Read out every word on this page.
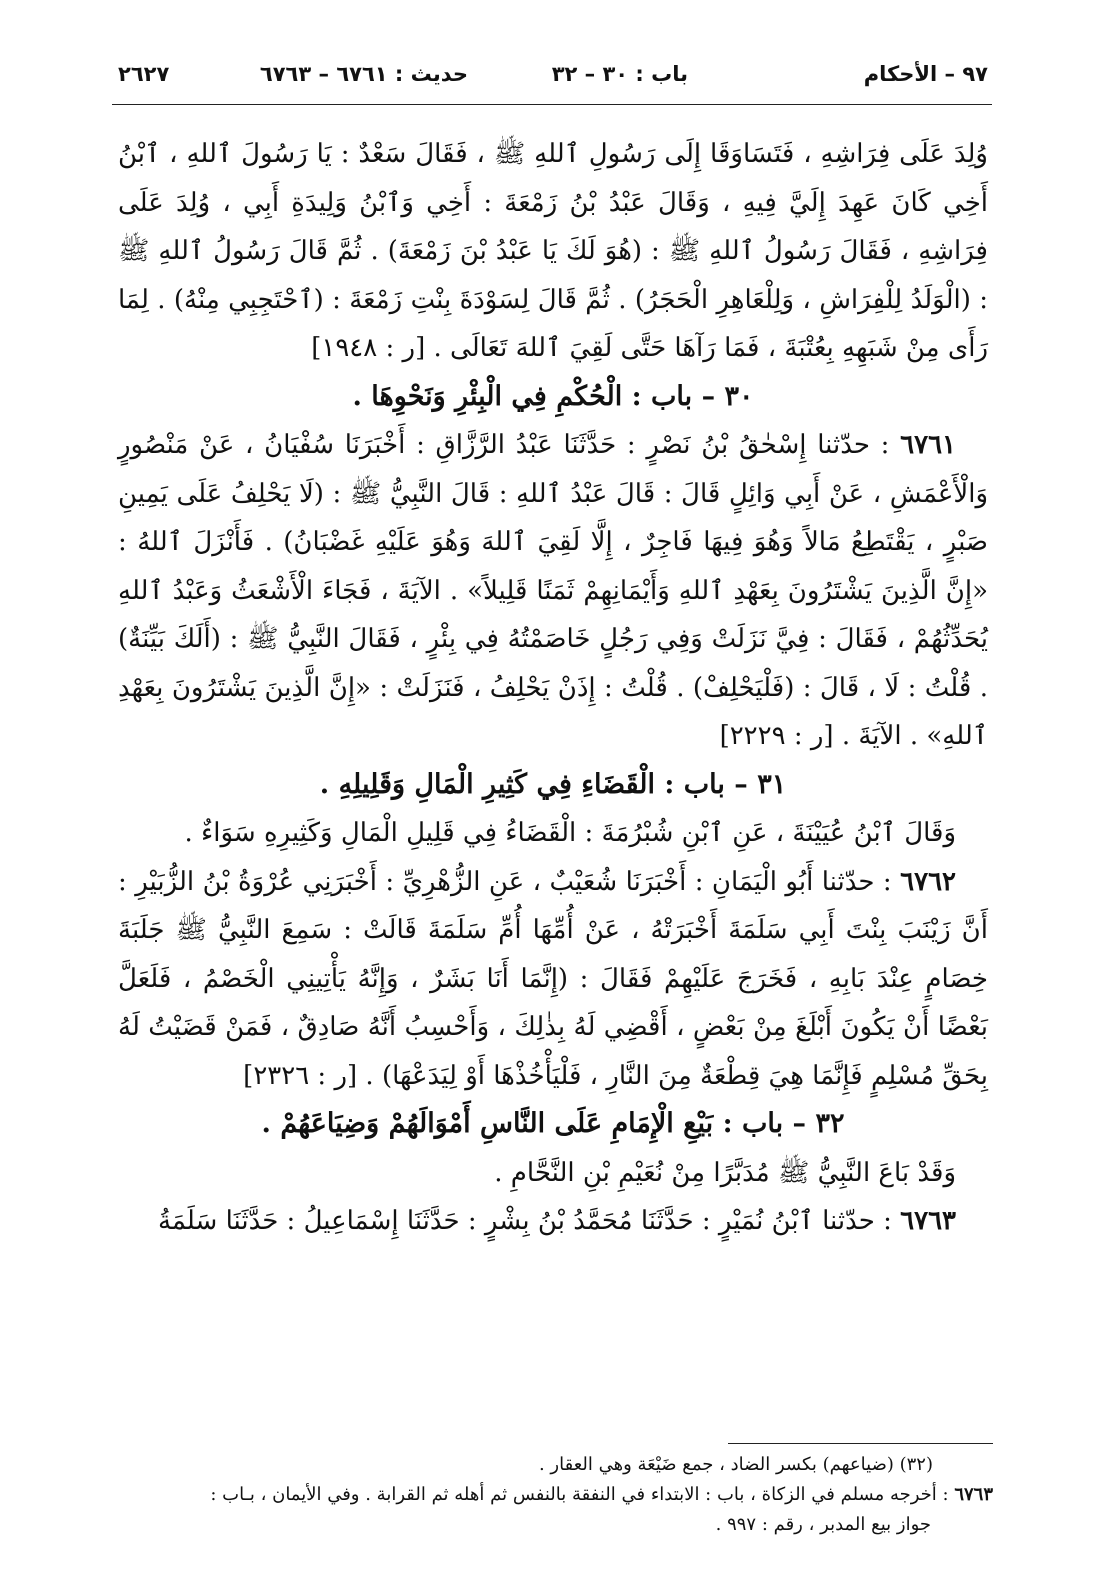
٩٧ – الأحكام
باب : ٣٠ – ٣٢
حديث : ٦٧٦١ – ٦٧٦٣
٢٦٢٧

وُلِدَ عَلَى فِرَاشِهِ ، فَتَسَاوَقَا إِلَى رَسُولِ ٱللهِ ﷺ ، فَقَالَ سَعْدٌ : يَا رَسُولَ ٱللهِ ، ٱبْنُ أَخِي كَانَ عَهِدَ إِلَيَّ فِيهِ ، وَقَالَ عَبْدُ بْنُ زَمْعَةَ : أَخِي وَٱبْنُ وَلِيدَةِ أَبِي ، وُلِدَ عَلَى فِرَاشِهِ ، فَقَالَ رَسُولُ ٱللهِ ﷺ : (هُوَ لَكَ يَا عَبْدُ بْنَ زَمْعَةَ) . ثُمَّ قَالَ رَسُولُ ٱللهِ ﷺ : (الْوَلَدُ لِلْفِرَاشِ ، وَلِلْعَاهِرِ الْحَجَرُ) . ثُمَّ قَالَ لِسَوْدَةَ بِنْتِ زَمْعَةَ : (ٱحْتَجِبِي مِنْهُ) . لِمَا رَأَى مِنْ شَبَهِهِ بِعُتْبَةَ ، فَمَا رَآهَا حَتَّى لَقِيَ ٱللهَ تَعَالَى . [ر : ١٩٤٨]

٣٠ – باب : الْحُكْمِ فِي الْبِئْرِ وَنَحْوِهَا .

٦٧٦١ : حدّثنا إِسْحٰقُ بْنُ نَصْرٍ : حَدَّثَنَا عَبْدُ الرَّزَّاقِ : أَخْبَرَنَا سُفْيَانُ ، عَنْ مَنْصُورٍ وَالْأَعْمَشِ ، عَنْ أَبِي وَائِلٍ قَالَ : قَالَ عَبْدُ ٱللهِ : قَالَ النَّبِيُّ ﷺ : (لَا يَحْلِفُ عَلَى يَمِينِ صَبْرٍ ، يَقْتَطِعُ مَالاً وَهُوَ فِيهَا فَاجِرٌ ، إِلَّا لَقِيَ ٱللهَ وَهُوَ عَلَيْهِ غَضْبَانُ) . فَأَنْزَلَ ٱللهُ : «إِنَّ الَّذِينَ يَشْتَرُونَ بِعَهْدِ ٱللهِ وَأَيْمَانِهِمْ ثَمَنًا قَلِيلاً» . الآيَةَ ، فَجَاءَ الْأَشْعَثُ وَعَبْدُ ٱللهِ يُحَدِّثُهُمْ ، فَقَالَ : فِيَّ نَزَلَتْ وَفِي رَجُلٍ خَاصَمْتُهُ فِي بِئْرٍ ، فَقَالَ النَّبِيُّ ﷺ : (أَلَكَ بَيِّنَةٌ) . قُلْتُ : لَا ، قَالَ : (فَلْيَحْلِفْ) . قُلْتُ : إِذَنْ يَحْلِفُ ، فَنَزَلَتْ : «إِنَّ الَّذِينَ يَشْتَرُونَ بِعَهْدِ ٱللهِ» . الآيَةَ . [ر : ٢٢٢٩]

٣١ – باب : الْقَضَاءِ فِي كَثِيرِ الْمَالِ وَقَلِيلِهِ .

وَقَالَ ٱبْنُ عُيَيْنَةَ ، عَنِ ٱبْنِ شُبْرُمَةَ : الْقَضَاءُ فِي قَلِيلِ الْمَالِ وَكَثِيرِهِ سَوَاءٌ .

٦٧٦٢ : حدّثنا أَبُو الْيَمَانِ : أَخْبَرَنَا شُعَيْبٌ ، عَنِ الزُّهْرِيِّ : أَخْبَرَنِي عُرْوَةُ بْنُ الزُّبَيْرِ : أَنَّ زَيْنَبَ بِنْتَ أَبِي سَلَمَةَ أَخْبَرَتْهُ ، عَنْ أُمِّهَا أُمِّ سَلَمَةَ قَالَتْ : سَمِعَ النَّبِيُّ ﷺ جَلَبَةَ خِصَامٍ عِنْدَ بَابِهِ ، فَخَرَجَ عَلَيْهِمْ فَقَالَ : (إِنَّمَا أَنَا بَشَرٌ ، وَإِنَّهُ يَأْتِينِي الْخَصْمُ ، فَلَعَلَّ بَعْضًا أَنْ يَكُونَ أَبْلَغَ مِنْ بَعْضٍ ، أَقْضِي لَهُ بِذٰلِكَ ، وَأَحْسِبُ أَنَّهُ صَادِقٌ ، فَمَنْ قَضَيْتُ لَهُ بِحَقِّ مُسْلِمٍ فَإِنَّمَا هِيَ قِطْعَةٌ مِنَ النَّارِ ، فَلْيَأْخُذْهَا أَوْ لِيَدَعْهَا) . [ر : ٢٣٢٦]

٣٢ – باب : بَيْعِ الْإِمَامِ عَلَى النَّاسِ أَمْوَالَهُمْ وَضِيَاعَهُمْ .

وَقَدْ بَاعَ النَّبِيُّ ﷺ مُدَبَّرًا مِنْ نُعَيْمِ بْنِ النَّحَّامِ .

٦٧٦٣ : حدّثنا ٱبْنُ نُمَيْرٍ : حَدَّثَنَا مُحَمَّدُ بْنُ بِشْرٍ : حَدَّثَنَا إِسْمَاعِيلُ : حَدَّثَنَا سَلَمَةُ

(٣٢) (ضياعهم) بكسر الضاد ، جمع ضَيْعَة وهي العقار .

٦٧٦٣ : أخرجه مسلم في الزكاة ، باب : الابتداء في النفقة بالنفس ثم أهله ثم القرابة . وفي الأيمان ، بـاب :
جواز بيع المدبر ، رقم : ٩٩٧ .
